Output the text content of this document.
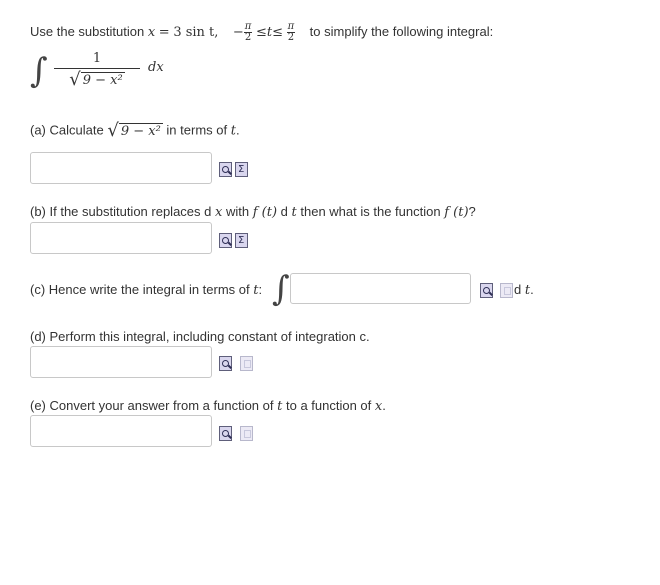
Use the substitution x = 3 sin t, − $\frac{\pi}{2} \le t\le \frac{\pi}{2}$ to simplify the following integral:
∫	1
√ 9 − x²
dx
(a) Calculate √ 9 − x² in terms of t.
Σ
(b) If the substitution replaces d x with f (t) d t then what is the function f (t)?
Σ
(c) Hence write the integral in terms of t: ∫	d t.
(d) Perform this integral, including constant of integration c.
(e) Convert your answer from a function of t to a function of x.
